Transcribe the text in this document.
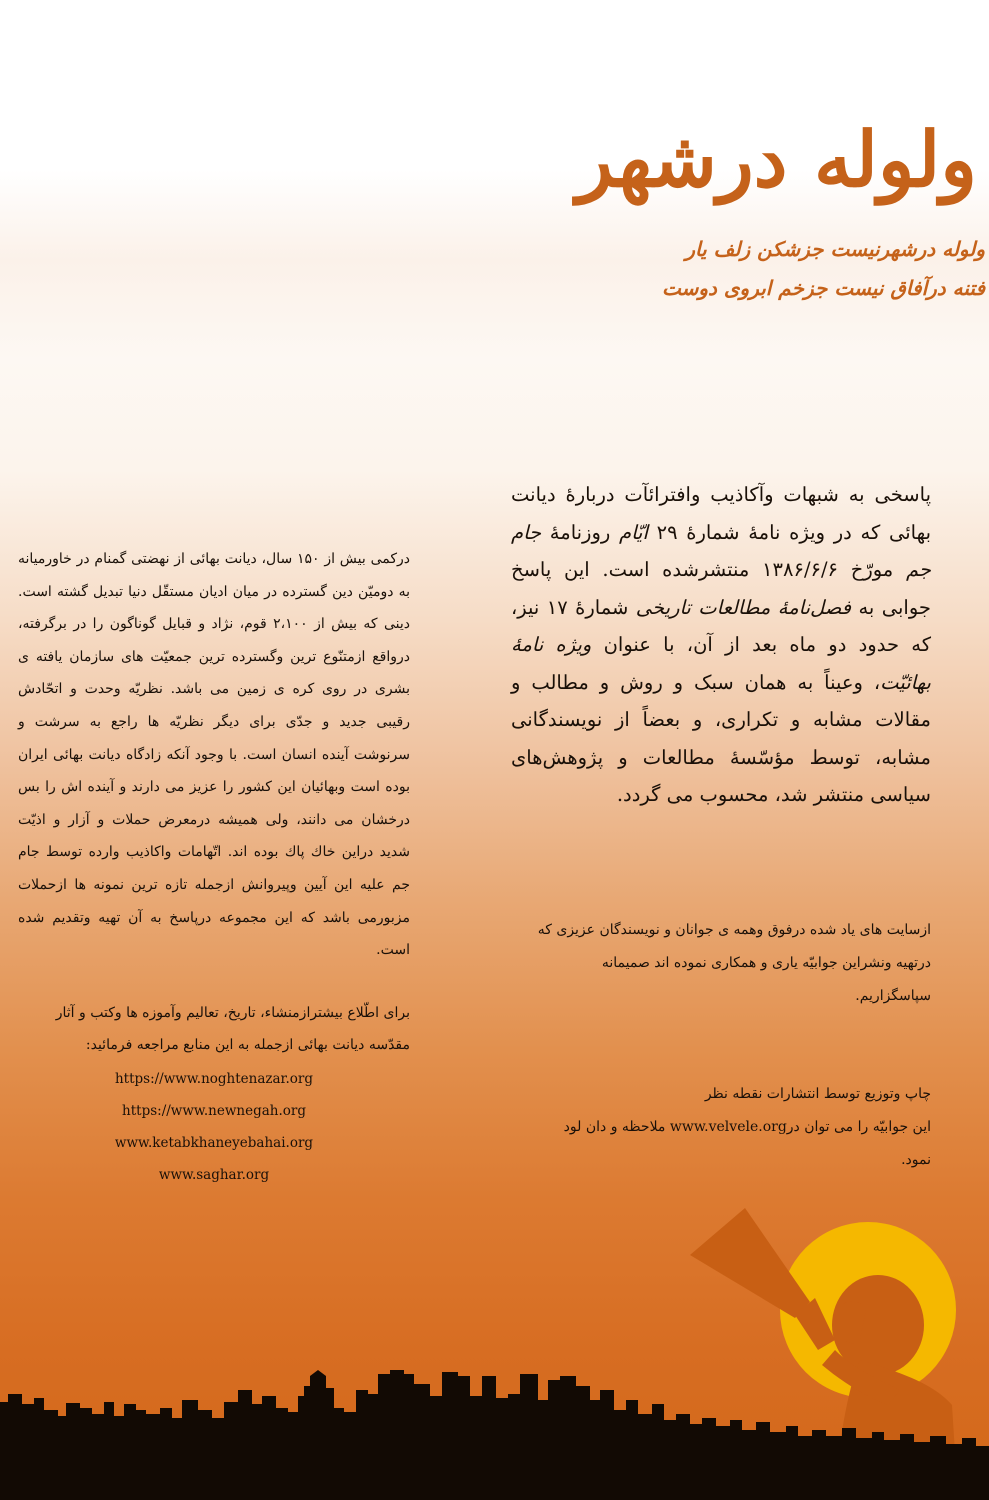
ولوله درشهر
ولوله درشهرنیست جزشکن زلف یار
فتنه درآفاق نیست جزخم ابروی دوست
پاسخی به شبهات وآکاذیب وافترائآت دربارۀ دیانت بهائی که در ویژه نامۀ شمارۀ ۲۹ ایّام روزنامۀ جام جم مورّخ ۱۳۸۶/۶/۶ منتشرشده است. این پاسخ جوابی به فصل‌نامۀ مطالعات تاریخی شمارۀ ۱۷ نیز، که حدود دو ماه بعد از آن، با عنوان ویژه نامۀ بهائیّت، وعیناً به همان سبک و روش و مطالب و مقالات مشابه و تکراری، و بعضاً از نویسندگانی مشابه، توسط مؤسّسۀ مطالعات و پژوهش‌های سیاسی منتشر شد، محسوب می گردد.
درکمی بیش از ۱۵۰ سال، دیانت بهائی از نهضتی گمنام در خاورمیانه به دومیّن دین گسترده در میان ادیان مستقّل دنیا تبدیل گشته است. دینی که بیش از ۲،۱۰۰ قوم، نژاد و قبایل گوناگون را در برگرفته، درواقع ازمتنّوع ترین وگسترده ترین جمعیّت های سازمان یافته ی بشری در روی کره ی زمین می باشد. نظریّه وحدت و اتحّادش رقیبی جدید و جدّی برای دیگر نظریّه ها راجع به سرشت و سرنوشت آینده انسان است. با وجود آنکه زادگاه دیانت بهائی ایران بوده است وبهائیان این کشور را عزیز می دارند و آینده اش را بس درخشان می دانند، ولی همیشه درمعرض حملات و آزار و اذیّت شدید دراین خاك پاك بوده اند. اتّهامات واكاذیب وارده توسط جام جم علیه این آیین وپیروانش ازجمله تازه ترین نمونه ها ازحملات مزبورمی باشد كه این مجموعه درپاسخ به آن تهیه وتقدیم شده است.
برای اطّلاع بیشترازمنشاء، تاریخ، تعالیم وآموزه ها وكتب و آثار مقدّسه دیانت بهائی ازجمله به این منابع مراجعه فرمائید:
https://www.noghtenazar.org
https://www.newnegah.org
www.ketabkhaneyebahai.org
www.saghar.org
ازسایت های یاد شده درفوق وهمه ی جوانان و نویسندگان عزیزی که درتهیه ونشراین جوابیّه یاری و همکاری نموده اند صمیمانه سپاسگزاریم.
چاپ وتوزیع توسط انتشارات نقطه نظر
این جوابیّه را می توان درwww.velvele.org ملاحظه و دان لود نمود.
